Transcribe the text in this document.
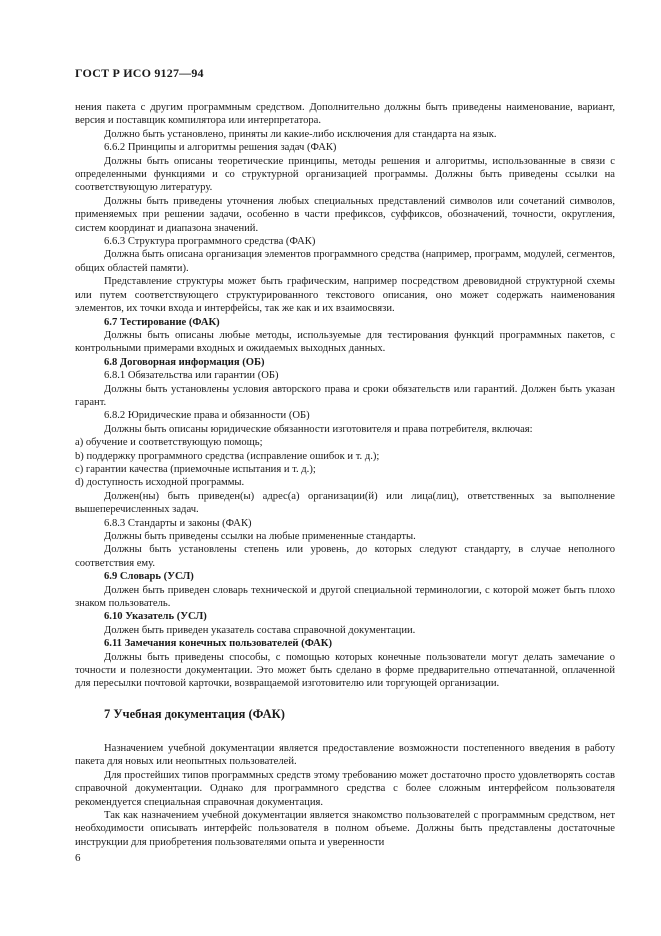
ГОСТ Р ИСО 9127—94

нения пакета с другим программным средством. Дополнительно должны быть приведены наименование, вариант, версия и поставщик компилятора или интерпретатора.

Должно быть установлено, приняты ли какие-либо исключения для стандарта на язык.

6.6.2 Принципы и алгоритмы решения задач (ФАК)

Должны быть описаны теоретические принципы, методы решения и алгоритмы, использованные в связи с определенными функциями и со структурной организацией программы. Должны быть приведены ссылки на соответствующую литературу.

Должны быть приведены уточнения любых специальных представлений символов или сочетаний символов, применяемых при решении задачи, особенно в части префиксов, суффиксов, обозначений, точности, округления, систем координат и диапазона значений.

6.6.3 Структура программного средства (ФАК)

Должна быть описана организация элементов программного средства (например, программ, модулей, сегментов, общих областей памяти).

Представление структуры может быть графическим, например посредством древовидной структурной схемы или путем соответствующего структурированного текстового описания, оно может содержать наименования элементов, их точки входа и интерфейсы, так же как и их взаимосвязи.

6.7 Тестирование (ФАК)

Должны быть описаны любые методы, используемые для тестирования функций программных пакетов, с контрольными примерами входных и ожидаемых выходных данных.

6.8 Договорная информация (ОБ)

6.8.1 Обязательства или гарантии (ОБ)

Должны быть установлены условия авторского права и сроки обязательств или гарантий. Должен быть указан гарант.

6.8.2 Юридические права и обязанности (ОБ)

Должны быть описаны юридические обязанности изготовителя и права потребителя, включая:

a) обучение и соответствующую помощь;

b) поддержку программного средства (исправление ошибок и т. д.);

c) гарантии качества (приемочные испытания и т. д.);

d) доступность исходной программы.

Должен(ны) быть приведен(ы) адрес(а) организации(й) или лица(лиц), ответственных за выполнение вышеперечисленных задач.

6.8.3 Стандарты и законы (ФАК)

Должны быть приведены ссылки на любые примененные стандарты.

Должны быть установлены степень или уровень, до которых следуют стандарту, в случае неполного соответствия ему.

6.9 Словарь (УСЛ)

Должен быть приведен словарь технической и другой специальной терминологии, с которой может быть плохо знаком пользователь.

6.10 Указатель (УСЛ)

Должен быть приведен указатель состава справочной документации.

6.11 Замечания конечных пользователей (ФАК)

Должны быть приведены способы, с помощью которых конечные пользователи могут делать замечание о точности и полезности документации. Это может быть сделано в форме предварительно отпечатанной, оплаченной для пересылки почтовой карточки, возвращаемой изготовителю или торгующей организации.

7 Учебная документация (ФАК)

Назначением учебной документации является предоставление возможности постепенного введения в работу пакета для новых или неопытных пользователей.

Для простейших типов программных средств этому требованию может достаточно просто удовлетворять состав справочной документации. Однако для программного средства с более сложным интерфейсом пользователя рекомендуется специальная справочная документация.

Так как назначением учебной документации является знакомство пользователей с программным средством, нет необходимости описывать интерфейс пользователя в полном объеме. Должны быть представлены достаточные инструкции для приобретения пользователями опыта и уверенности

6
